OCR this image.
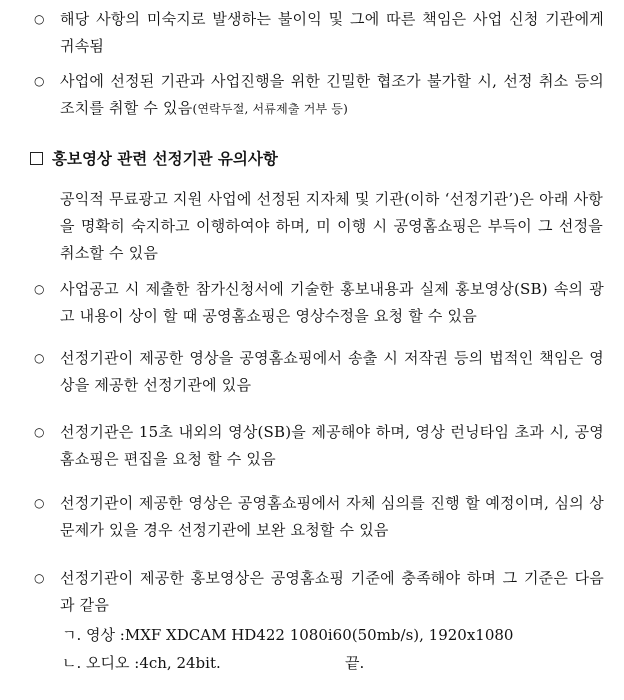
○	해당 사항의 미숙지로 발생하는 불이익 및 그에 따른 책임은 사업 신청 기관에게 귀속됨
○	사업에 선정된 기관과 사업진행을 위한 긴밀한 협조가 불가할 시, 선정 취소 등의 조치를 취할 수 있음(연락두절, 서류제출 거부 등)
홍보영상 관련 선정기관 유의사항
공익적 무료광고 지원 사업에 선정된 지자체 및 기관(이하 ‘선정기관’)은 아래 사항을 명확히 숙지하고 이행하여야 하며, 미 이행 시 공영홈쇼핑은 부득이 그 선정을 취소할 수 있음
○	사업공고 시 제출한 참가신청서에 기술한 홍보내용과 실제 홍보영상(SB) 속의 광고 내용이 상이 할 때 공영홈쇼핑은 영상수정을 요청 할 수 있음
○	선정기관이 제공한 영상을 공영홈쇼핑에서 송출 시 저작권 등의 법적인 책임은 영상을 제공한 선정기관에 있음
○	선정기관은 15초 내외의 영상(SB)을 제공해야 하며, 영상 런닝타임 초과 시, 공영홈쇼핑은 편집을 요청 할 수 있음
○	선정기관이 제공한 영상은 공영홈쇼핑에서 자체 심의를 진행 할 예정이며, 심의 상 문제가 있을 경우 선정기관에 보완 요청할 수 있음
○	선정기관이 제공한 홍보영상은 공영홈쇼핑 기준에 충족해야 하며 그 기준은 다음과 같음
ㄱ. 영상 :MXF XDCAM HD422 1080i60(50mb/s), 1920x1080
ㄴ. 오디오 :4ch, 24bit.	끝.
